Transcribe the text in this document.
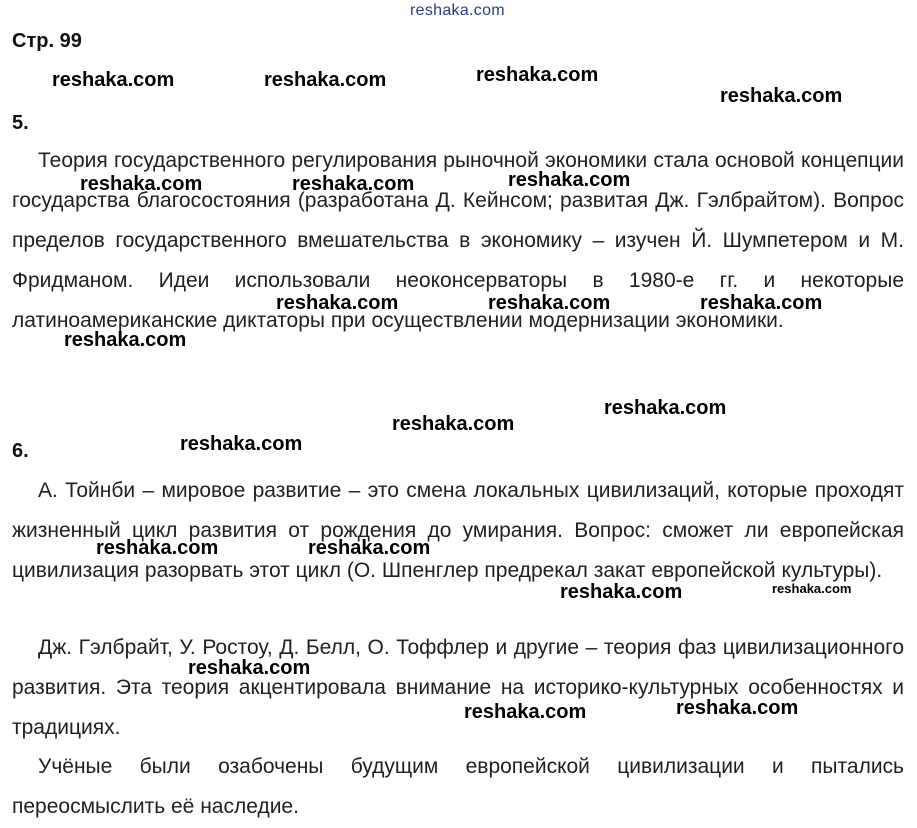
reshaka.com
Стр. 99
5.

Теория государственного регулирования рыночной экономики стала основой концепции государства благосостояния (разработана Д. Кейнсом; развитая Дж. Гэлбрайтом). Вопрос пределов государственного вмешательства в экономику – изучен Й. Шумпетером и М. Фридманом. Идеи использовали неоконсерваторы в 1980-е гг. и некоторые латиноамериканские диктаторы при осуществлении модернизации экономики.

6.

А. Тойнби – мировое развитие – это смена локальных цивилизаций, которые проходят жизненный цикл развития от рождения до умирания. Вопрос: сможет ли европейская цивилизация разорвать этот цикл (О. Шпенглер предрекал закат европейской культуры).

Дж. Гэлбрайт, У. Ростоу, Д. Белл, О. Тоффлер и другие – теория фаз цивилизационного развития. Эта теория акцентировала внимание на историко-культурных особенностях и традициях.

Учёные были озабочены будущим европейской цивилизации и пытались переосмыслить её наследие.

reshaka.com	reshaka.com	reshaka.com
reshaka.com
reshaka.com	reshaka.com	reshaka.com
reshaka.com	reshaka.com	reshaka.com
reshaka.com
reshaka.com
reshaka.com
reshaka.com
reshaka.com	reshaka.com
reshaka.com
reshaka.com
reshaka.com
reshaka.com
reshaka.com
